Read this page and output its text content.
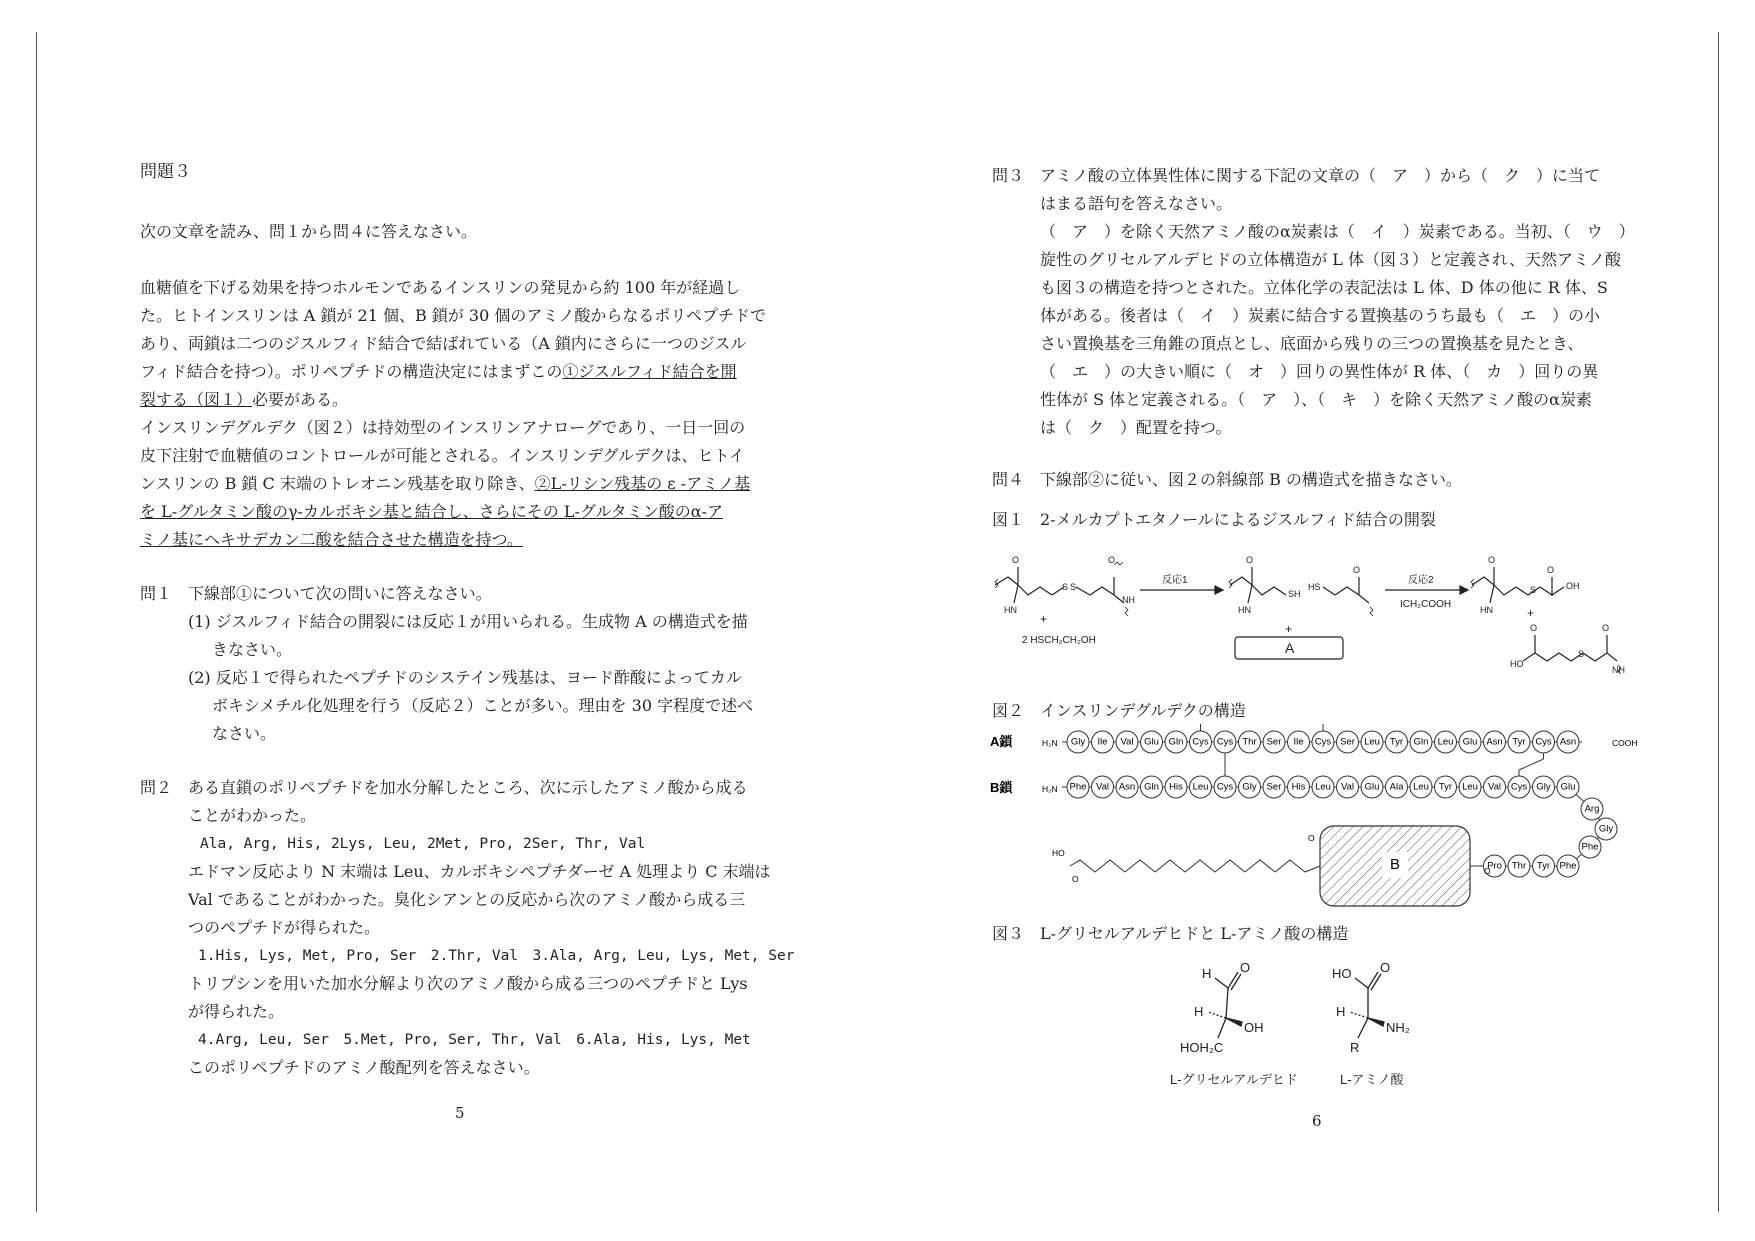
問題３
次の文章を読み、問１から問４に答えなさい。
血糖値を下げる効果を持つホルモンであるインスリンの発見から約 100 年が経過し
た。ヒトインスリンは A 鎖が 21 個、B 鎖が 30 個のアミノ酸からなるポリペプチドで
あり、両鎖は二つのジスルフィド結合で結ばれている（A 鎖内にさらに一つのジスル
フィド結合を持つ）。ポリペプチドの構造決定にはまずこの①ジスルフィド結合を開
裂する（図１）必要がある。
インスリンデグルデク（図２）は持効型のインスリンアナローグであり、一日一回の
皮下注射で血糖値のコントロールが可能とされる。インスリンデグルデクは、ヒトイ
ンスリンの B 鎖 C 末端のトレオニン残基を取り除き、②L-リシン残基の ε -アミノ基
を L-グルタミン酸のγ-カルボキシ基と結合し、さらにその L-グルタミン酸のα-ア
ミノ基にヘキサデカン二酸を結合させた構造を持つ。
問１ 下線部①について次の問いに答えなさい。
(1) ジスルフィド結合の開裂には反応１が用いられる。生成物 A の構造式を描
きなさい。
(2) 反応１で得られたペプチドのシステイン残基は、ヨード酢酸によってカル
ボキシメチル化処理を行う（反応２）ことが多い。理由を 30 字程度で述べ
なさい。
問２ ある直鎖のポリペプチドを加水分解したところ、次に示したアミノ酸から成る
ことがわかった。
Ala, Arg, His, 2Lys, Leu, 2Met, Pro, 2Ser, Thr, Val
エドマン反応より N 末端は Leu、カルボキシペプチダーゼ A 処理より C 末端は
Val であることがわかった。臭化シアンとの反応から次のアミノ酸から成る三
つのペプチドが得られた。
1.His, Lys, Met, Pro, Ser　2.Thr, Val　3.Ala, Arg, Leu, Lys, Met, Ser
トリプシンを用いた加水分解より次のアミノ酸から成る三つのペプチドと Lys
が得られた。
4.Arg, Leu, Ser　5.Met, Pro, Ser, Thr, Val　6.Ala, His, Lys, Met
このポリペプチドのアミノ酸配列を答えなさい。
5
問３ アミノ酸の立体異性体に関する下記の文章の（　ア　）から（　ク　）に当て
はまる語句を答えなさい。
（　ア　）を除く天然アミノ酸のα炭素は（　イ　）炭素である。当初、（　ウ　）
旋性のグリセルアルデヒドの立体構造が L 体（図３）と定義され、天然アミノ酸
も図３の構造を持つとされた。立体化学の表記法は L 体、D 体の他に R 体、S
体がある。後者は（　イ　）炭素に結合する置換基のうち最も（　エ　）の小
さい置換基を三角錐の頂点とし、底面から残りの三つの置換基を見たとき、
（　エ　）の大きい順に（　オ　）回りの異性体が R 体、（　カ　）回りの異
性体が S 体と定義される。（　ア　）、（　キ　）を除く天然アミノ酸のα炭素
は（　ク　）配置を持つ。
問４ 下線部②に従い、図２の斜線部 B の構造式を描きなさい。
図１　2-メルカプトエタノールによるジスルフィド結合の開裂
O
HN
S S
O
NH
O
HN
SH
HS
O
O
HN
S	OH
O
HO
O
S
O
NH
反応1	反応2
ICH₂COOH
+
2 HSCH₂CH₂OH
+
A
+
図２　インスリンデグルデクの構造
Gly Ile Val Glu Gln Cys Cys Thr Ser Ile Cys Ser Leu Tyr Gln Leu Glu Asn Tyr Cys Asn
Phe Val Asn Gln His Leu Cys Gly Ser His Leu Val Glu Ala Leu Tyr Leu Val Cys Gly Glu
Arg
Gly
Phe
Phe
Tyr
Thr
Pro
B
A鎖
B鎖
H₂N
H₂N
COOH
HO
O
O
O
図３　L-グリセルアルデヒドと L-アミノ酸の構造
H O
H
OH
HOH₂C
HO O
H
NH₂
R
L-グリセルアルデヒド	L-アミノ酸
6
